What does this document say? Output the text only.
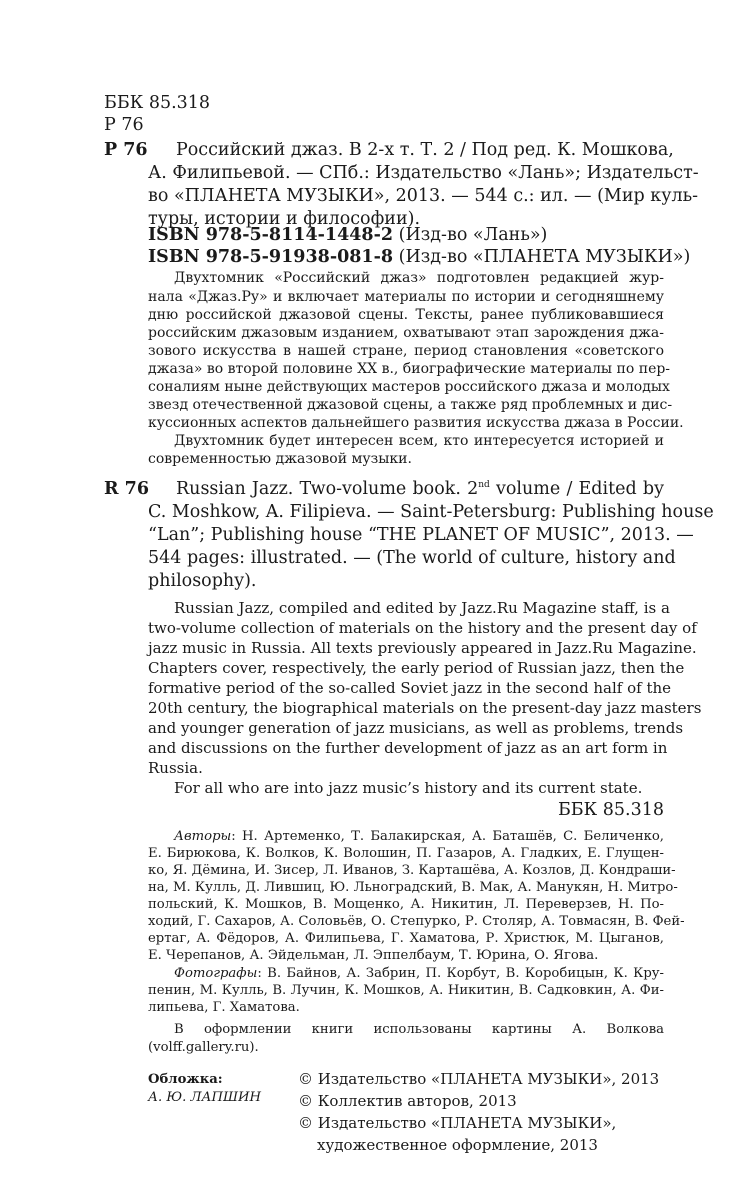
ББК 85.318
Р 76
Р 76 Российский джаз. В 2-х т. Т. 2 / Под ред. К. Мошкова,
А. Филипьевой. — СПб.: Издательство «Лань»; Издательст-
во «ПЛАНЕТА МУЗЫКИ», 2013. — 544 с.: ил. — (Мир куль-
туры, истории и философии).
ISBN 978-5-8114-1448-2 (Изд-во «Лань»)
ISBN 978-5-91938-081-8 (Изд-во «ПЛАНЕТА МУЗЫКИ»)
Двухтомник «Российский джаз» подготовлен редакцией жур-
нала «Джаз.Ру» и включает материалы по истории и сегодняшнему
дню российской джазовой сцены. Тексты, ранее публиковавшиеся
российским джазовым изданием, охватывают этап зарождения джа-
зового искусства в нашей стране, период становления «советского
джаза» во второй половине XX в., биографические материалы по пер-
соналиям ныне действующих мастеров российского джаза и молодых
звезд отечественной джазовой сцены, а также ряд проблемных и дис-
куссионных аспектов дальнейшего развития искусства джаза в России.
Двухтомник будет интересен всем, кто интересуется историей и
современностью джазовой музыки.
R 76 Russian Jazz. Two-volume book. 2nd volume / Edited by
C. Moshkow, A. Filipieva. — Saint-Petersburg: Publishing house
“Lan”; Publishing house “THE PLANET OF MUSIC”, 2013. —
544 pages: illustrated. — (The world of culture, history and
philosophy).
Russian Jazz, compiled and edited by Jazz.Ru Magazine staff, is a
two-volume collection of materials on the history and the present day of
jazz music in Russia. All texts previously appeared in Jazz.Ru Magazine.
Chapters cover, respectively, the early period of Russian jazz, then the
formative period of the so-called Soviet jazz in the second half of the
20th century, the biographical materials on the present-day jazz masters
and younger generation of jazz musicians, as well as problems, trends
and discussions on the further development of jazz as an art form in
Russia.
For all who are into jazz music’s history and its current state.
ББК 85.318
Авторы: Н. Артеменко, Т. Балакирская, А. Баташёв, С. Беличенко,
Е. Бирюкова, К. Волков, К. Волошин, П. Газаров, А. Гладких, Е. Глущен-
ко, Я. Дёмина, И. Зисер, Л. Иванов, З. Карташёва, А. Козлов, Д. Кондраши-
на, М. Кулль, Д. Лившиц, Ю. Льноградский, В. Мак, А. Манукян, Н. Митро-
польский, К. Мошков, В. Мощенко, А. Никитин, Л. Переверзев, Н. По-
ходий, Г. Сахаров, А. Соловьёв, О. Степурко, Р. Столяр, А. Товмасян, В. Фей-
ертаг, А. Фёдоров, А. Филипьева, Г. Хаматова, Р. Христюк, М. Цыганов,
Е. Черепанов, А. Эйдельман, Л. Эппелбаум, Т. Юрина, О. Ягова.
Фотографы: В. Байнов, А. Забрин, П. Корбут, В. Коробицын, К. Кру-
пенин, М. Кулль, В. Лучин, К. Мошков, А. Никитин, В. Садковкин, А. Фи-
липьева, Г. Хаматова.
В оформлении книги использованы картины А. Волкова
(volff.gallery.ru).
Обложка:
А. Ю. ЛАПШИН
© Издательство «ПЛАНЕТА МУЗЫКИ», 2013
© Коллектив авторов, 2013
© Издательство «ПЛАНЕТА МУЗЫКИ»,
художественное оформление, 2013
